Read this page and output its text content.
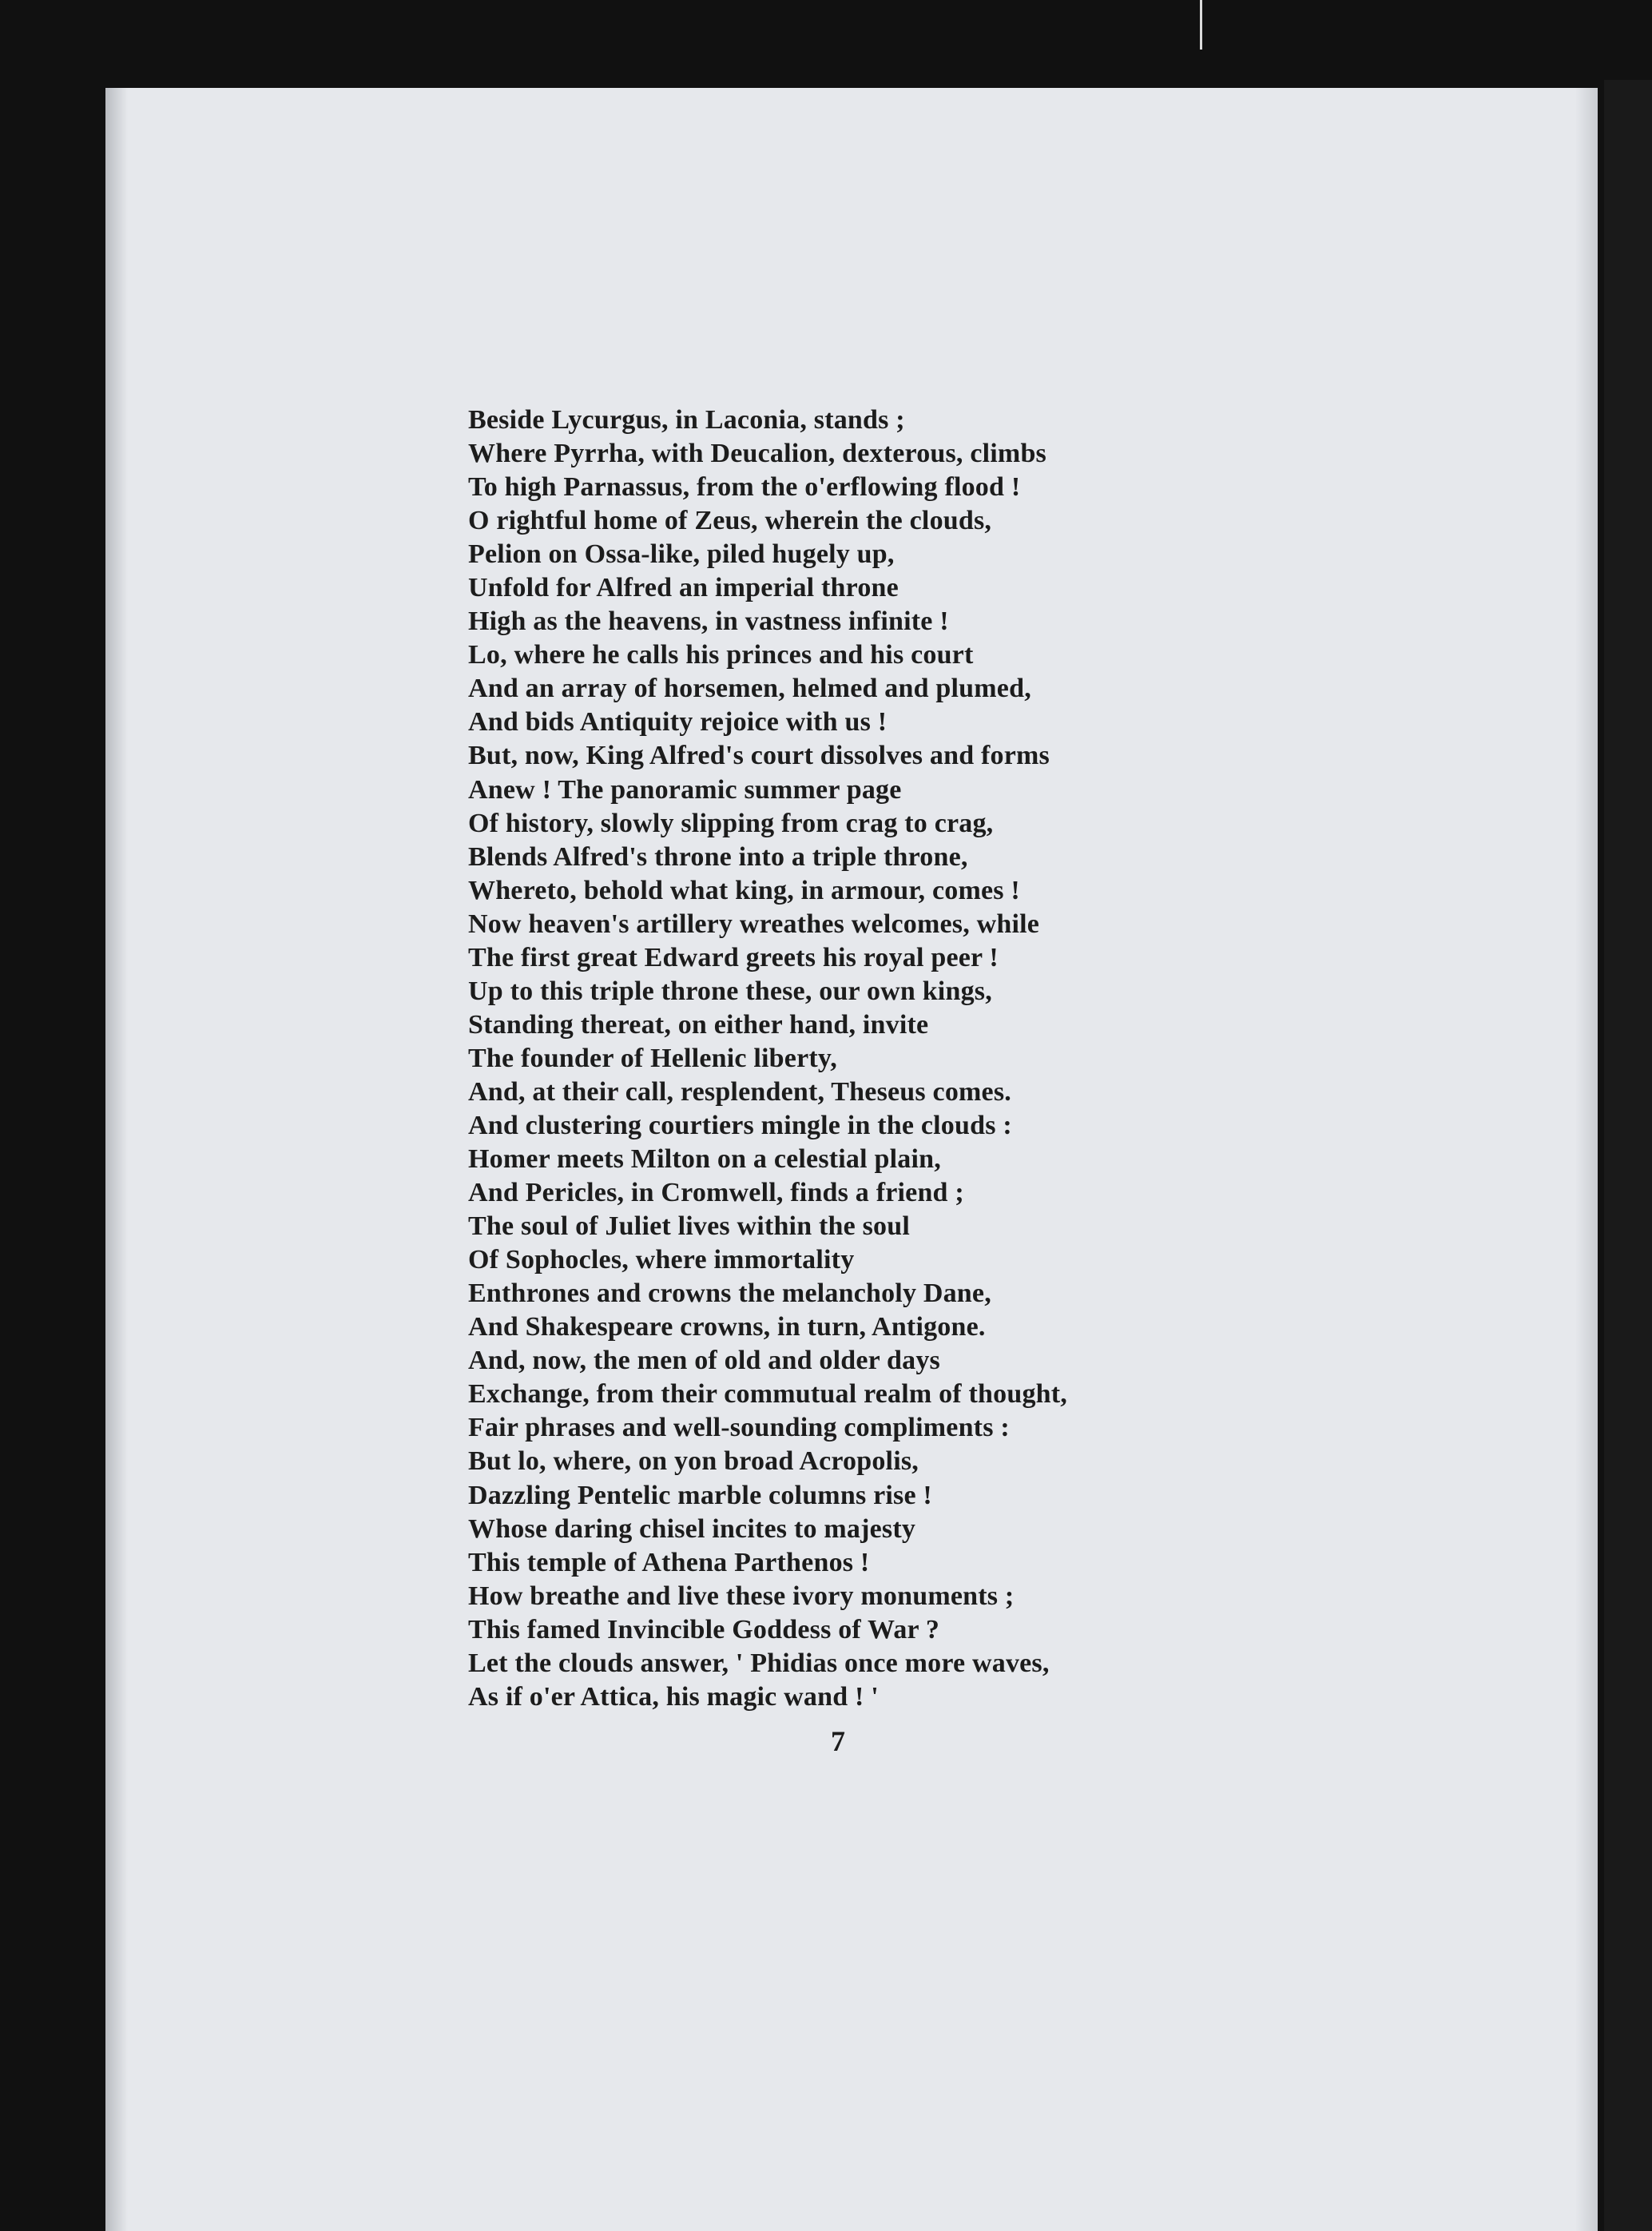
Beside Lycurgus, in Laconia, stands ;
Where Pyrrha, with Deucalion, dexterous, climbs
To high Parnassus, from the o'erflowing flood !
O rightful home of Zeus, wherein the clouds,
Pelion on Ossa-like, piled hugely up,
Unfold for Alfred an imperial throne
High as the heavens, in vastness infinite !
Lo, where he calls his princes and his court
And an array of horsemen, helmed and plumed,
And bids Antiquity rejoice with us !
But, now, King Alfred's court dissolves and forms
Anew ! The panoramic summer page
Of history, slowly slipping from crag to crag,
Blends Alfred's throne into a triple throne,
Whereto, behold what king, in armour, comes !
Now heaven's artillery wreathes welcomes, while
The first great Edward greets his royal peer !
Up to this triple throne these, our own kings,
Standing thereat, on either hand, invite
The founder of Hellenic liberty,
And, at their call, resplendent, Theseus comes.
And clustering courtiers mingle in the clouds :
Homer meets Milton on a celestial plain,
And Pericles, in Cromwell, finds a friend ;
The soul of Juliet lives within the soul
Of Sophocles, where immortality
Enthrones and crowns the melancholy Dane,
And Shakespeare crowns, in turn, Antigone.
And, now, the men of old and older days
Exchange, from their commutual realm of thought,
Fair phrases and well-sounding compliments :
But lo, where, on yon broad Acropolis,
Dazzling Pentelic marble columns rise !
Whose daring chisel incites to majesty
This temple of Athena Parthenos !
How breathe and live these ivory monuments ;
This famed Invincible Goddess of War ?
Let the clouds answer, ' Phidias once more waves,
As if o'er Attica, his magic wand ! '
7
